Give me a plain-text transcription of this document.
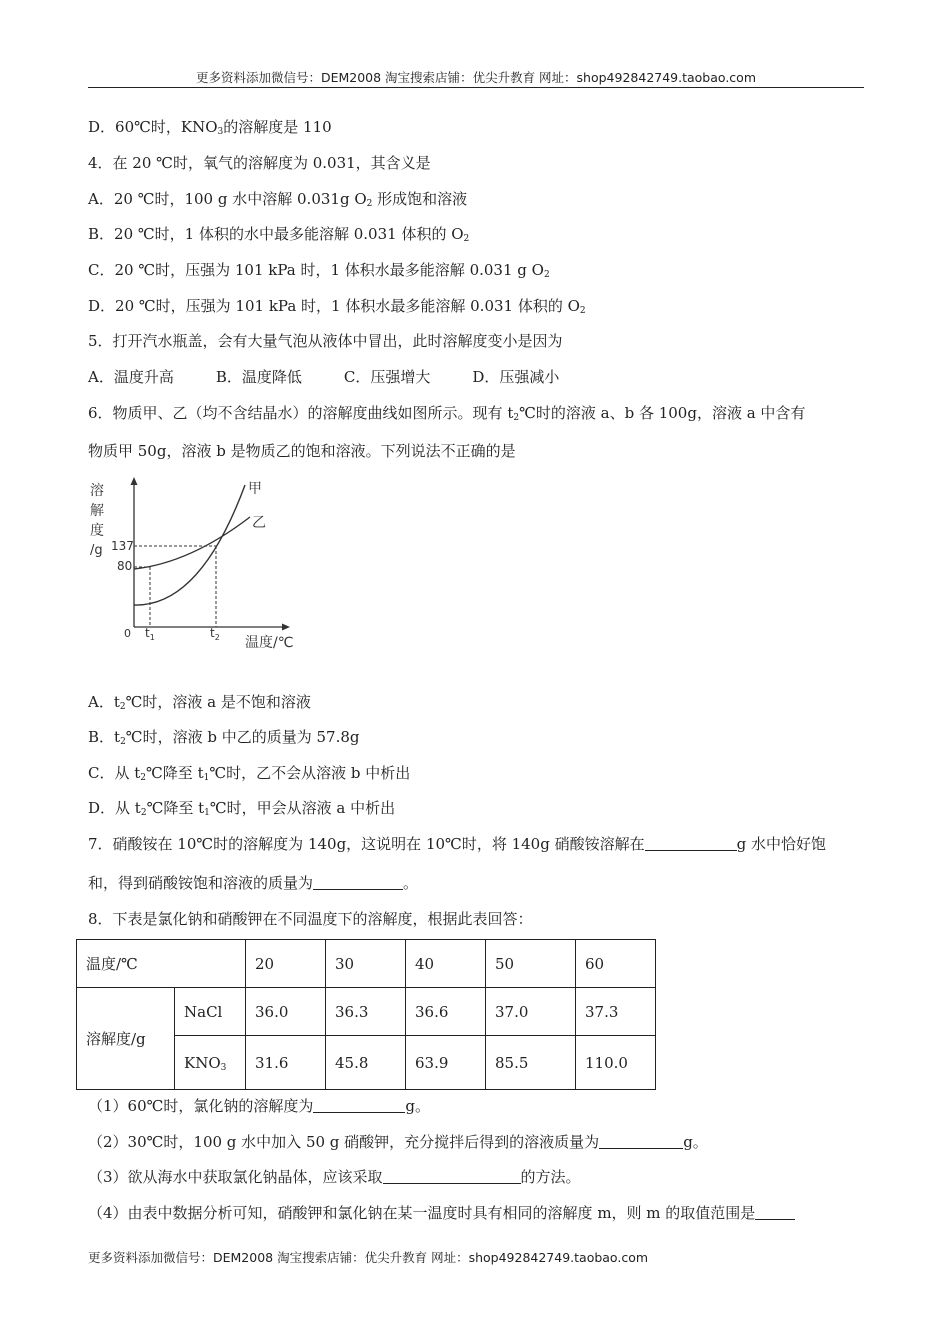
更多资料添加微信号：DEM2008 淘宝搜索店铺：优尖升教育 网址：shop492842749.taobao.com
D．60℃时，$KNO_3$的溶解度是 110
4．在 20 ℃时，氧气的溶解度为 0.031，其含义是
A．20 ℃时，100 g 水中溶解 0.031g $O_2$ 形成饱和溶液
B．20 ℃时，1 体积的水中最多能溶解 0.031 体积的 $O_2$
C．20 ℃时，压强为 101 kPa 时，1 体积水最多能溶解 0.031 g $O_2$
D．20 ℃时，压强为 101 kPa 时，1 体积水最多能溶解 0.031 体积的 $O_2$
5．打开汽水瓶盖，会有大量气泡从液体中冒出，此时溶解度变小是因为
A．温度升高	B．温度降低	C．压强增大	D．压强减小
6．物质甲、乙（均不含结晶水）的溶解度曲线如图所示。现有 $t_2℃$时的溶液 a、b 各 100g，溶液 a 中含有
物质甲 50g，溶液 b 是物质乙的饱和溶液。下列说法不正确的是
溶
解
度
/g 137
80
甲
乙
0 $t_1$	$t_2$ 温度/℃
A．$t_2℃$时，溶液 a 是不饱和溶液
B．$t_2℃$时，溶液 b 中乙的质量为 57.8g
C．从 $t_2℃$降至 $t_1℃$时，乙不会从溶液 b 中析出
D．从 $t_2℃$降至 $t_1℃$时，甲会从溶液 a 中析出
7．硝酸铵在 10℃时的溶解度为 140g，这说明在 10℃时，将 140g 硝酸铵溶解在	g 水中恰好饱
和，得到硝酸铵饱和溶液的质量为	。
8．下表是氯化钠和硝酸钾在不同温度下的溶解度，根据此表回答：
温度/℃		20	30	40	50	60
溶解度/g	NaCl	36.0	36.3	36.6	37.0	37.3
	$KNO_3$	31.6	45.8	63.9	85.5	110.0
（1）60℃时，氯化钠的溶解度为	g。
（2）30℃时，100 g 水中加入 50 g 硝酸钾，充分搅拌后得到的溶液质量为	g。
（3）欲从海水中获取氯化钠晶体，应该采取	的方法。
（4）由表中数据分析可知，硝酸钾和氯化钠在某一温度时具有相同的溶解度 m，则 m 的取值范围是
更多资料添加微信号：DEM2008 淘宝搜索店铺：优尖升教育 网址：shop492842749.taobao.com
